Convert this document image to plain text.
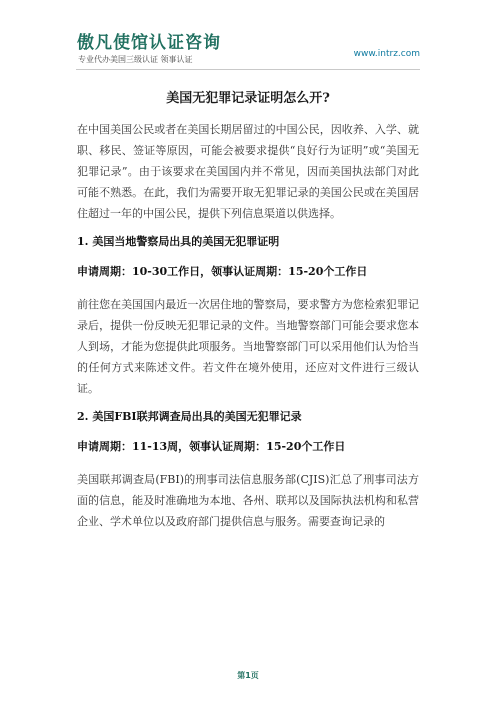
傲凡使馆认证咨询
专业代办美国三级认证 领事认证
www.intrz.com
美国无犯罪记录证明怎么开?

在中国美国公民或者在美国长期居留过的中国公民，因收养、入学、就职、移民、签证等原因，可能会被要求提供“良好行为证明”或“美国无犯罪记录”。由于该要求在美国国内并不常见，因而美国执法部门对此可能不熟悉。在此，我们为需要开取无犯罪记录的美国公民或在美国居住超过一年的中国公民，提供下列信息渠道以供选择。

1. 美国当地警察局出具的美国无犯罪证明
申请周期：10-30工作日，领事认证周期：15-20个工作日

前往您在美国国内最近一次居住地的警察局，要求警方为您检索犯罪记录后，提供一份反映无犯罪记录的文件。当地警察部门可能会要求您本人到场，才能为您提供此项服务。当地警察部门可以采用他们认为恰当的任何方式来陈述文件。若文件在境外使用，还应对文件进行三级认证。

2. 美国FBI联邦调查局出具的美国无犯罪记录
申请周期：11-13周，领事认证周期：15-20个工作日

美国联邦调查局(FBI)的刑事司法信息服务部(CJIS)汇总了刑事司法方面的信息，能及时准确地为本地、各州、联邦以及国际执法机构和私营企业、学术单位以及政府部门提供信息与服务。需要查询记录的

第1页
